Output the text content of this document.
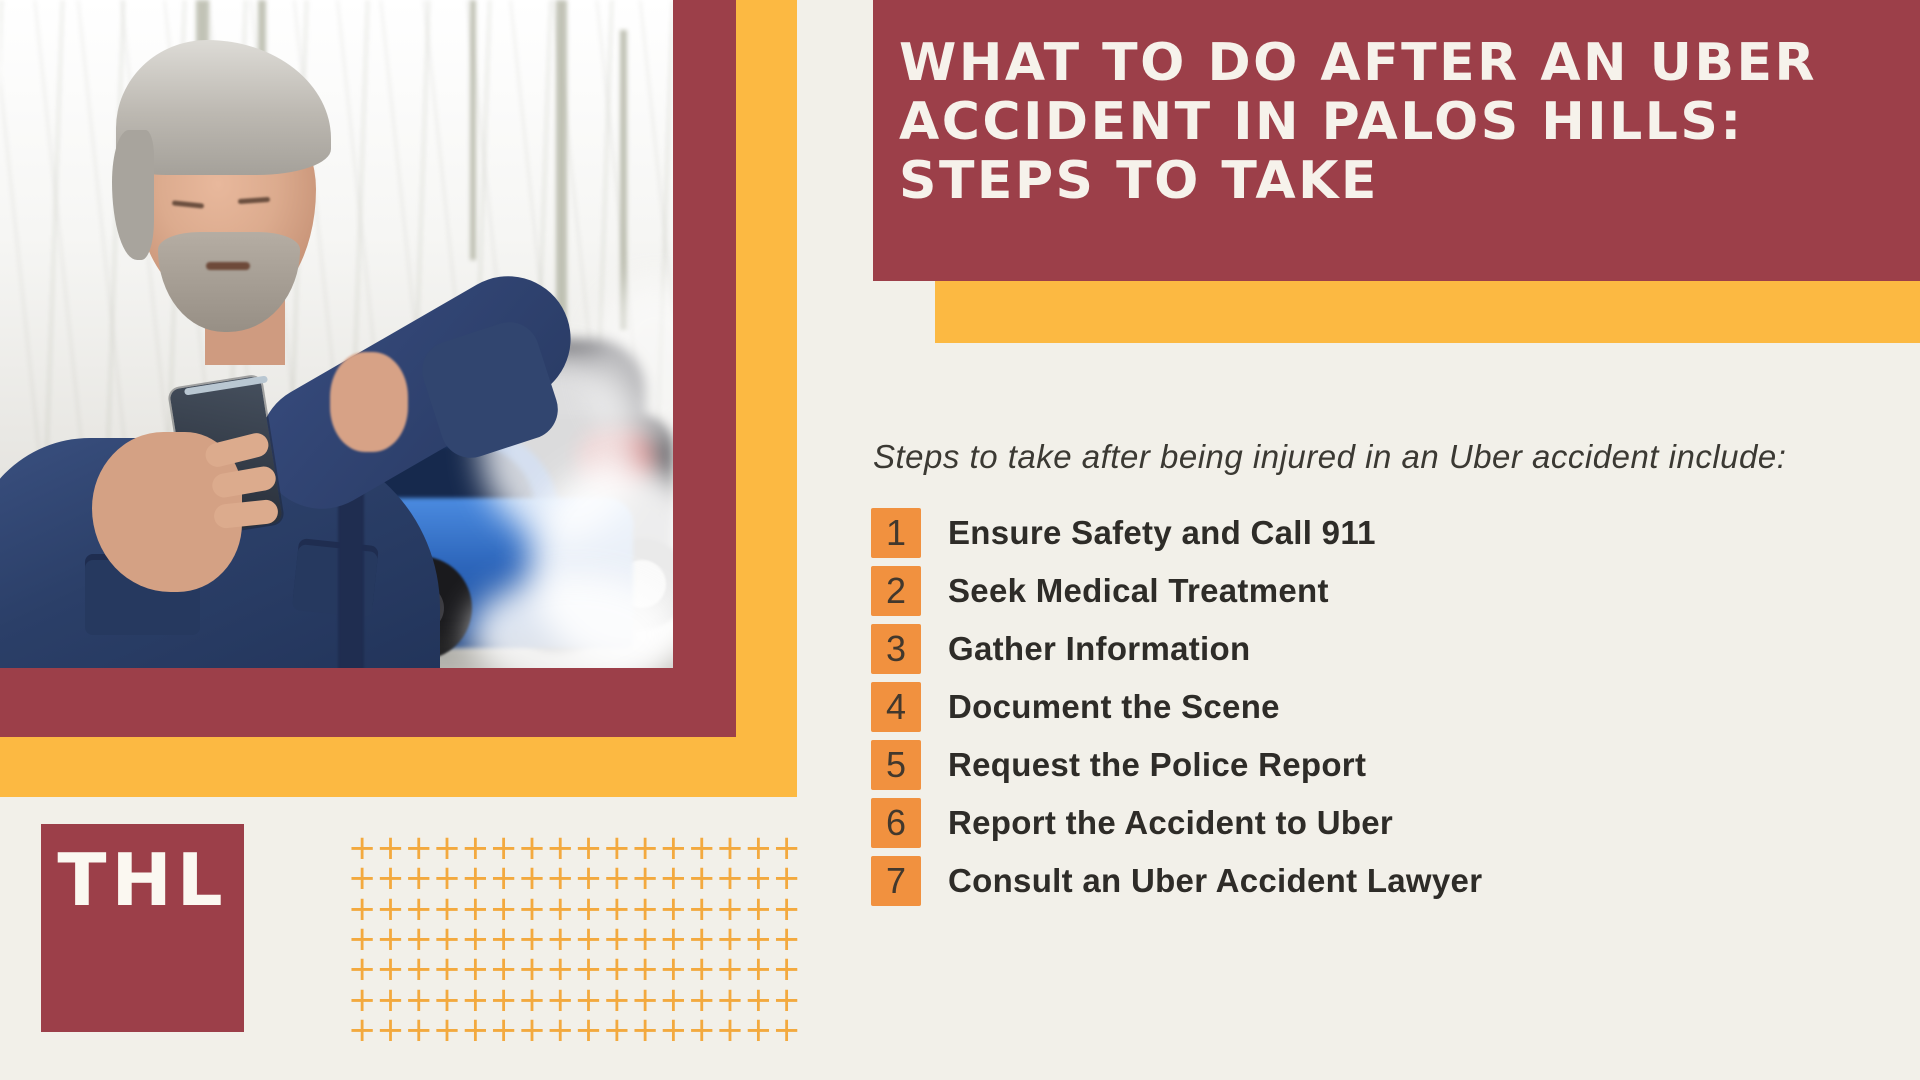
WHAT TO DO AFTER AN UBER
ACCIDENT IN PALOS HILLS:
STEPS TO TAKE
Steps to take after being injured in an Uber accident include:
1	Ensure Safety and Call 911
2	Seek Medical Treatment
3	Gather Information
4	Document the Scene
5	Request the Police Report
6	Report the Accident to Uber
7	Consult an Uber Accident Lawyer
THL	+ + + + + + + + + + + + + + + +
+ + + + + + + + + + + + + + + +
+ + + + + + + + + + + + + + + +
+ + + + + + + + + + + + + + + +
+ + + + + + + + + + + + + + + +
+ + + + + + + + + + + + + + + +
+ + + + + + + + + + + + + + + +
